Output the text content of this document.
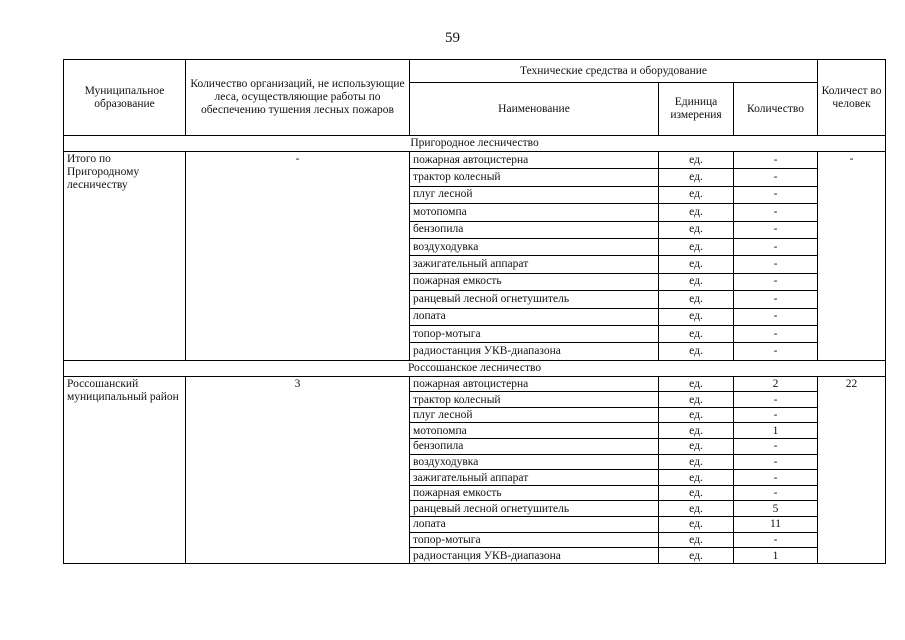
59
Муниципальное образование	Количество организаций, не использующие леса, осуществляющие работы по обеспечению тушения лесных пожаров	Технические средства и оборудование			Количест во человек
		Наименование	Единица измерения	Количество	
Пригородное лесничество					
Итого по Пригородному лесничеству	-	пожарная автоцистерна	ед.	-	-
		трактор колесный	ед.	-	
		плуг лесной	ед.	-	
		мотопомпа	ед.	-	
		бензопила	ед.	-	
		воздуходувка	ед.	-	
		зажигательный аппарат	ед.	-	
		пожарная емкость	ед.	-	
		ранцевый лесной огнетушитель	ед.	-	
		лопата	ед.	-	
		топор-мотыга	ед.	-	
		радиостанция УКВ-диапазона	ед.	-	
Россошанское лесничество					
Россошанский муниципальный район	3	пожарная автоцистерна	ед.	2	22
		трактор колесный	ед.	-	
		плуг лесной	ед.	-	
		мотопомпа	ед.	1	
		бензопила	ед.	-	
		воздуходувка	ед.	-	
		зажигательный аппарат	ед.	-	
		пожарная емкость	ед.	-	
		ранцевый лесной огнетушитель	ед.	5	
		лопата	ед.	11	
		топор-мотыга	ед.	-	
		радиостанция УКВ-диапазона	ед.	1	
